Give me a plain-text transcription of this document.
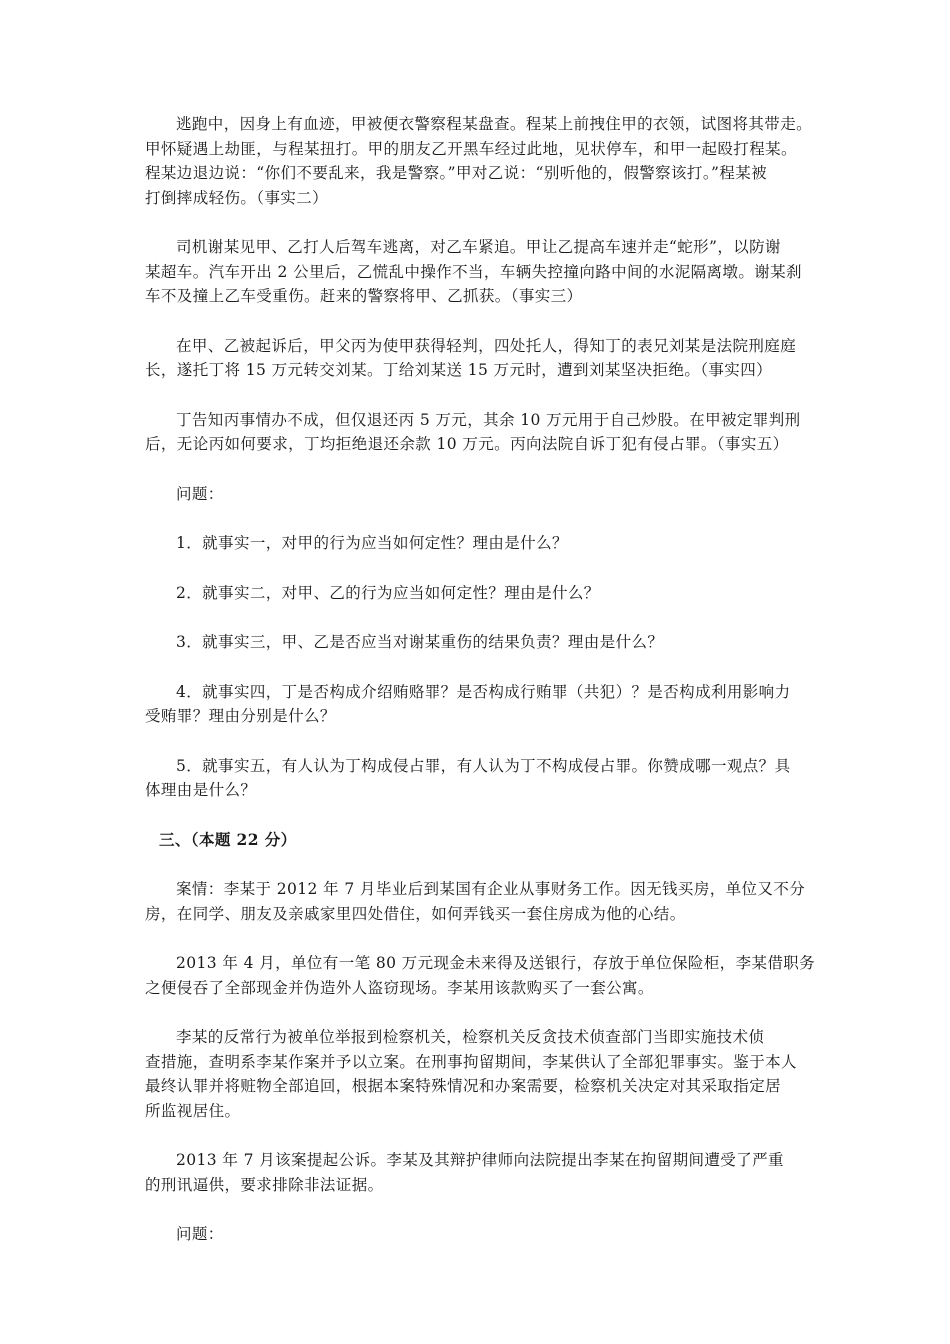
逃跑中，因身上有血迹，甲被便衣警察程某盘查。程某上前拽住甲的衣领，试图将其带走。
甲怀疑遇上劫匪，与程某扭打。甲的朋友乙开黑车经过此地，见状停车，和甲一起殴打程某。
程某边退边说：“你们不要乱来，我是警察。”甲对乙说：“别听他的，假警察该打。”程某被
打倒摔成轻伤。（事实二）

司机谢某见甲、乙打人后驾车逃离，对乙车紧追。甲让乙提高车速并走“蛇形”，以防谢
某超车。汽车开出 2 公里后，乙慌乱中操作不当，车辆失控撞向路中间的水泥隔离墩。谢某刹
车不及撞上乙车受重伤。赶来的警察将甲、乙抓获。（事实三）

在甲、乙被起诉后，甲父丙为使甲获得轻判，四处托人，得知丁的表兄刘某是法院刑庭庭
长，遂托丁将 15 万元转交刘某。丁给刘某送 15 万元时，遭到刘某坚决拒绝。（事实四）

丁告知丙事情办不成，但仅退还丙 5 万元，其余 10 万元用于自己炒股。在甲被定罪判刑
后，无论丙如何要求，丁均拒绝退还余款 10 万元。丙向法院自诉丁犯有侵占罪。（事实五）

问题：

1．就事实一，对甲的行为应当如何定性？理由是什么？

2．就事实二，对甲、乙的行为应当如何定性？理由是什么？

3．就事实三，甲、乙是否应当对谢某重伤的结果负责？理由是什么？

4．就事实四，丁是否构成介绍贿赂罪？是否构成行贿罪（共犯）？是否构成利用影响力
受贿罪？理由分别是什么？

5．就事实五，有人认为丁构成侵占罪，有人认为丁不构成侵占罪。你赞成哪一观点？具
体理由是什么？

三、（本题 22 分）

案情：李某于 2012 年 7 月毕业后到某国有企业从事财务工作。因无钱买房，单位又不分
房，在同学、朋友及亲戚家里四处借住，如何弄钱买一套住房成为他的心结。

2013 年 4 月，单位有一笔 80 万元现金未来得及送银行，存放于单位保险柜，李某借职务
之便侵吞了全部现金并伪造外人盗窃现场。李某用该款购买了一套公寓。

李某的反常行为被单位举报到检察机关，检察机关反贪技术侦查部门当即实施技术侦
查措施，查明系李某作案并予以立案。在刑事拘留期间，李某供认了全部犯罪事实。鉴于本人
最终认罪并将赃物全部追回，根据本案特殊情况和办案需要，检察机关决定对其采取指定居
所监视居住。

2013 年 7 月该案提起公诉。李某及其辩护律师向法院提出李某在拘留期间遭受了严重
的刑讯逼供，要求排除非法证据。

问题：
